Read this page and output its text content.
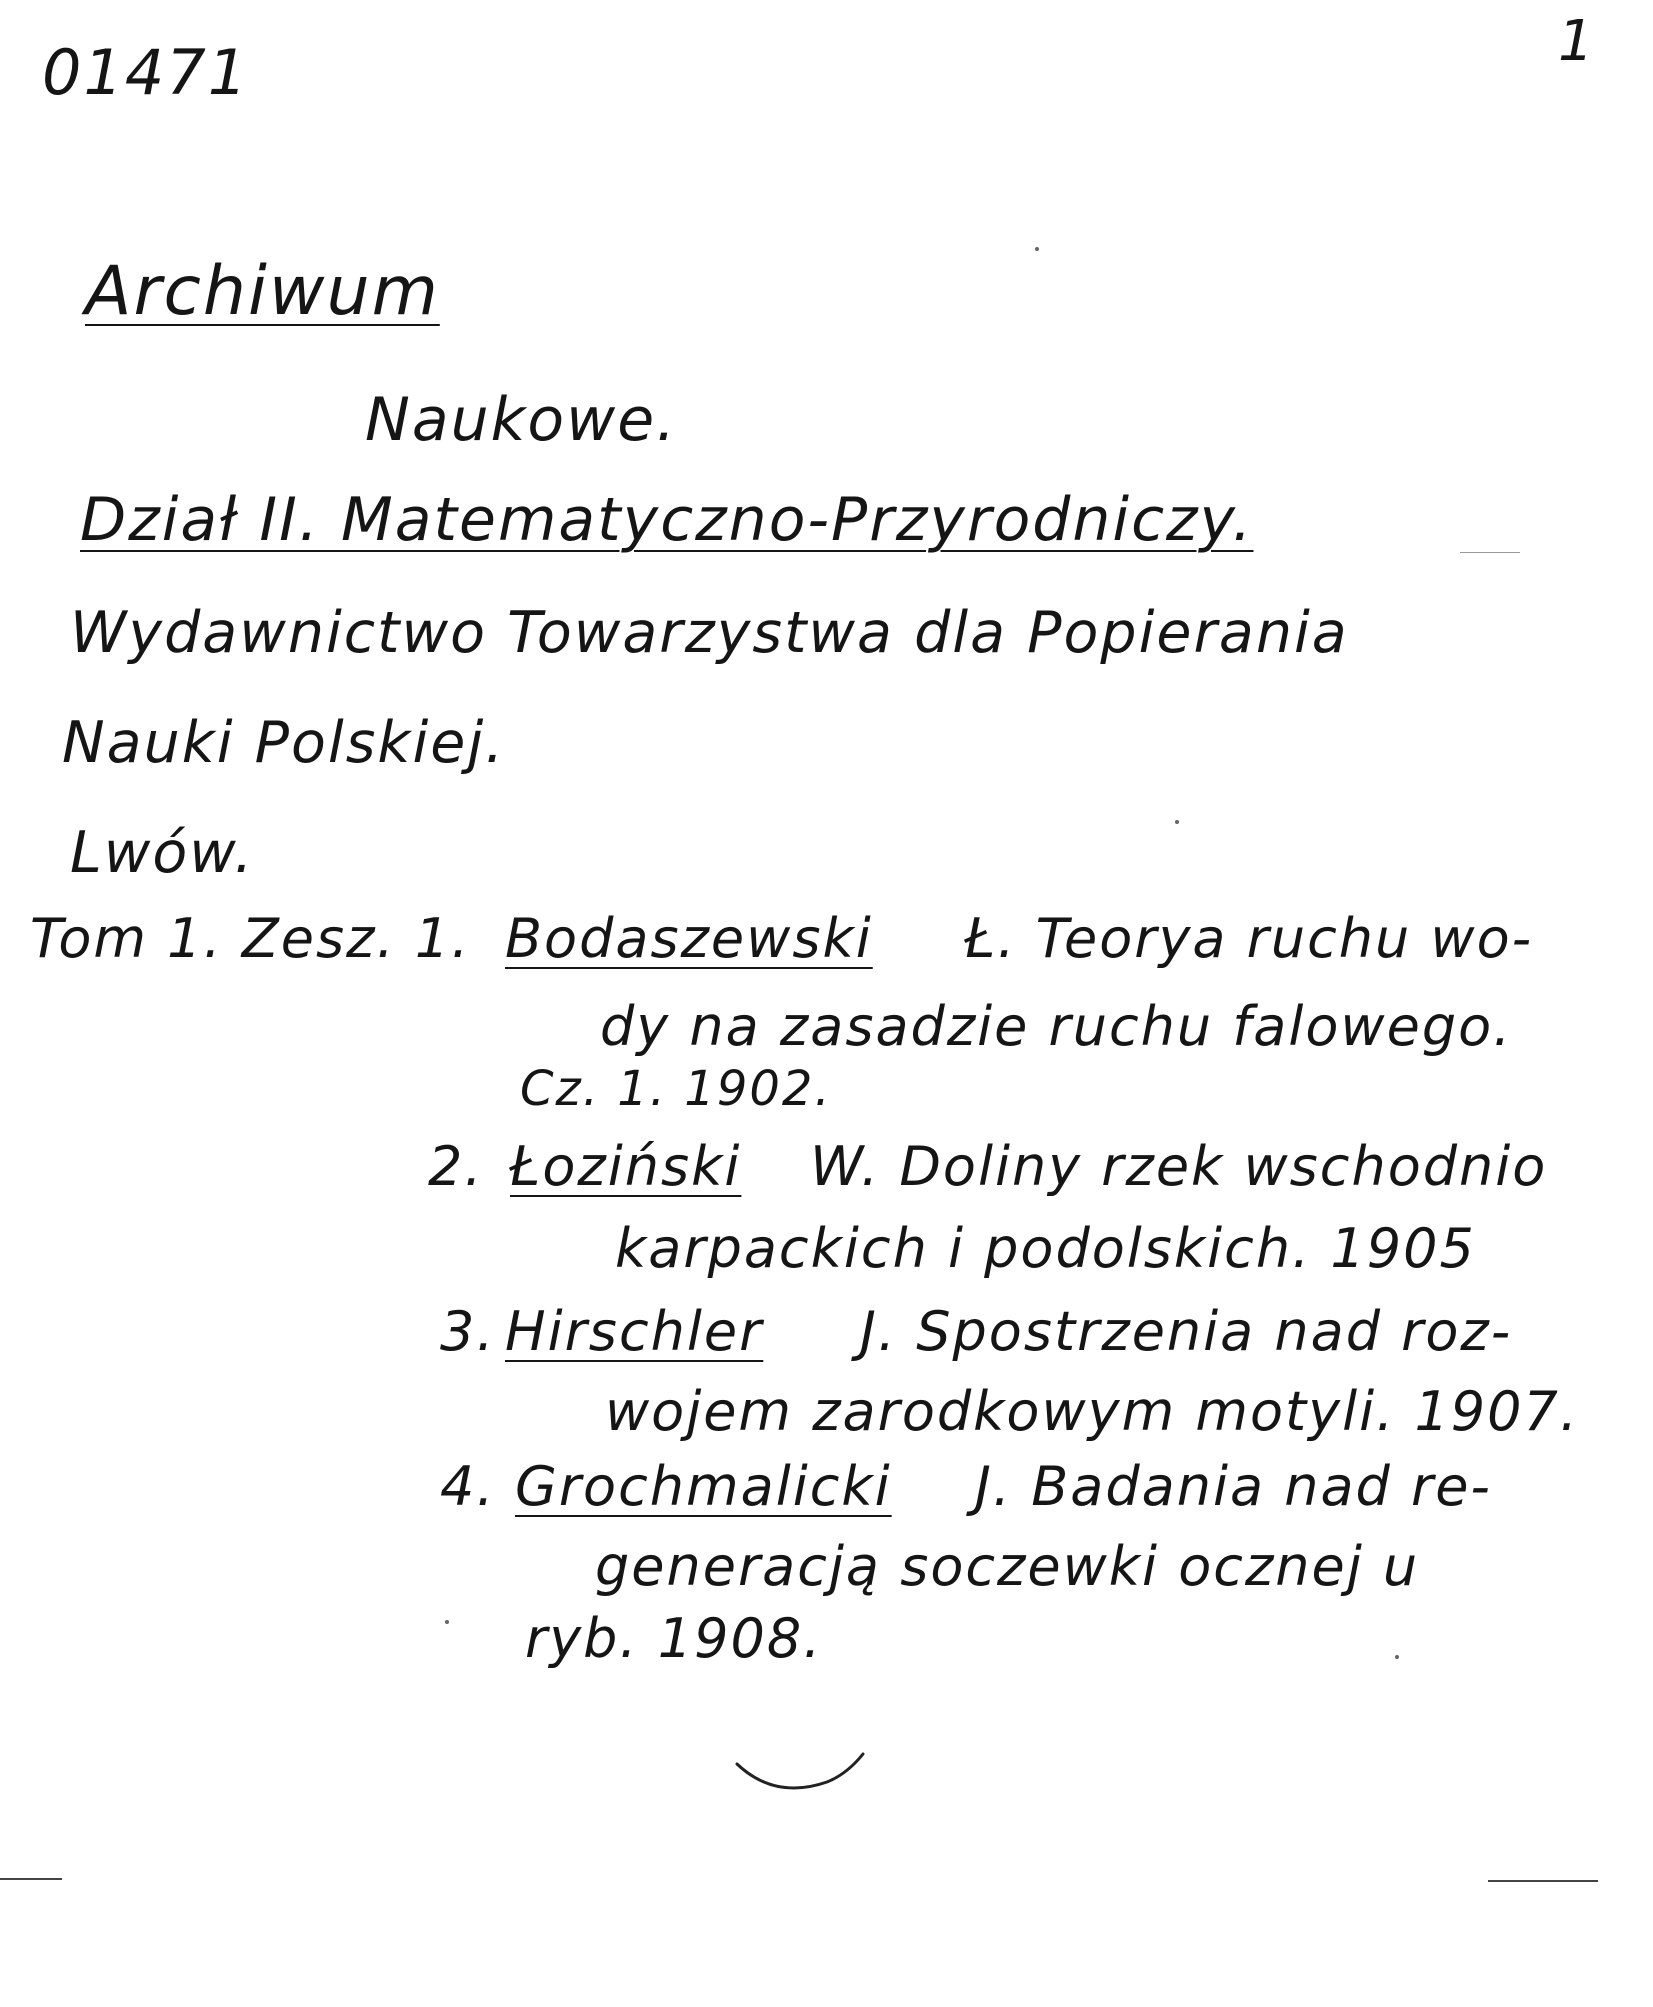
01471	1
Archiwum
Naukowe.
Dział II. Matematyczno-Przyrodniczy.
Wydawnictwo Towarzystwa dla Popierania
Nauki Polskiej.
Lwów.
Tom 1. Zesz. 1. Bodaszewski Ł. Teorya ruchu wo-
dy na zasadzie ruchu falowego.
Cz. 1. 1902.
2. Łoziński W. Doliny rzek wschodnio
karpackich i podolskich. 1905
3. Hirschler J. Spostrzenia nad roz-
wojem zarodkowym motyli. 1907.
4. Grochmalicki J. Badania nad re-
generacją soczewki ocznej u
ryb. 1908.
